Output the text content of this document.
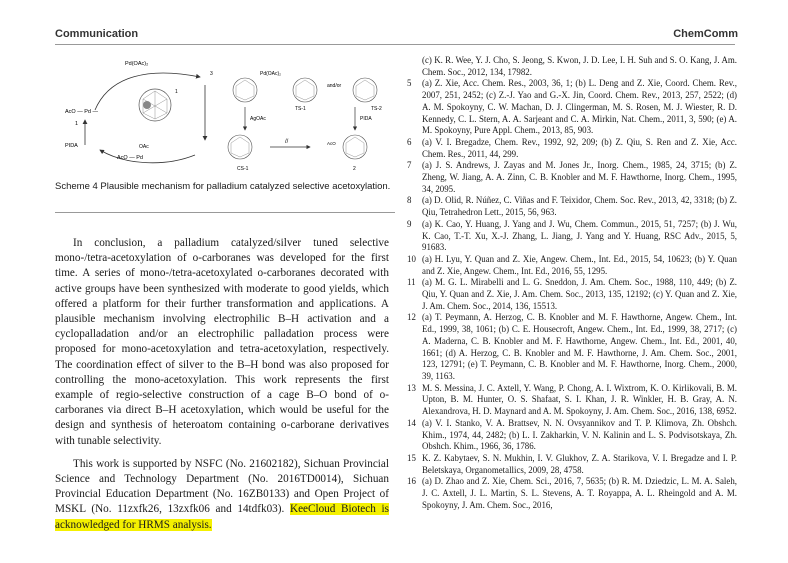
Communication	ChemComm
Pd(OAc)₂
AcO — Pd —
1
PIDA
AcO — Pd
OAc
1
3	Pd(OAc)₂
TS-1
and/or
TS-2
AgOAc	PIDA
CS-1
//	AcO
2
Scheme 4 Plausible mechanism for palladium catalyzed selective acetoxylation.

In conclusion, a palladium catalyzed/silver tuned selective mono-/tetra-acetoxylation of o-carboranes was developed for the first time. A series of mono-/tetra-acetoxylated o-carboranes decorated with active groups have been synthesized with moderate to good yields, which offered a platform for their further transformation and applications. A plausible mechanism involving electrophilic B–H activation and a cyclopalladation and/or an electrophilic palladation process were proposed for mono-acetoxylation and tetra-acetoxylation, respectively. The coordination effect of silver to the B–H bond was also proposed for controlling the mono-acetoxylation. This work represents the first example of regio-selective construction of a cage B–O bond of o-carboranes via direct B–H acetoxylation, which would be useful for the design and synthesis of heteroatom containing o-carborane derivatives with tunable selectivity.

This work is supported by NSFC (No. 21602182), Sichuan Provincial Science and Technology Department (No. 2016TD0014), Sichuan Provincial Education Department (No. 16ZB0133) and Open Project of MSKL (No. 11zxfk26, 13zxfk06 and 14tdfk03). KeeCloud Biotech is acknowledged for HRMS analysis.

(c) K. R. Wee, Y. J. Cho, S. Jeong, S. Kwon, J. D. Lee, I. H. Suh and S. O. Kang, J. Am. Chem. Soc., 2012, 134, 17982.

5 (a) Z. Xie, Acc. Chem. Res., 2003, 36, 1; (b) L. Deng and Z. Xie, Coord. Chem. Rev., 2007, 251, 2452; (c) Z.-J. Yao and G.-X. Jin, Coord. Chem. Rev., 2013, 257, 2522; (d) A. M. Spokoyny, C. W. Machan, D. J. Clingerman, M. S. Rosen, M. J. Wiester, R. D. Kennedy, C. L. Stern, A. A. Sarjeant and C. A. Mirkin, Nat. Chem., 2011, 3, 590; (e) A. M. Spokoyny, Pure Appl. Chem., 2013, 85, 903.

6 (a) V. I. Bregadze, Chem. Rev., 1992, 92, 209; (b) Z. Qiu, S. Ren and Z. Xie, Acc. Chem. Res., 2011, 44, 299.

7 (a) J. S. Andrews, J. Zayas and M. Jones Jr., Inorg. Chem., 1985, 24, 3715; (b) Z. Zheng, W. Jiang, A. A. Zinn, C. B. Knobler and M. F. Hawthorne, Inorg. Chem., 1995, 34, 2095.

8 (a) D. Olid, R. Núñez, C. Viñas and F. Teixidor, Chem. Soc. Rev., 2013, 42, 3318; (b) Z. Qiu, Tetrahedron Lett., 2015, 56, 963.

9 (a) K. Cao, Y. Huang, J. Yang and J. Wu, Chem. Commun., 2015, 51, 7257; (b) J. Wu, K. Cao, T.-T. Xu, X.-J. Zhang, L. Jiang, J. Yang and Y. Huang, RSC Adv., 2015, 5, 91683.

10 (a) H. Lyu, Y. Quan and Z. Xie, Angew. Chem., Int. Ed., 2015, 54, 10623; (b) Y. Quan and Z. Xie, Angew. Chem., Int. Ed., 2016, 55, 1295.

11 (a) M. G. L. Mirabelli and L. G. Sneddon, J. Am. Chem. Soc., 1988, 110, 449; (b) Z. Qiu, Y. Quan and Z. Xie, J. Am. Chem. Soc., 2013, 135, 12192; (c) Y. Quan and Z. Xie, J. Am. Chem. Soc., 2014, 136, 15513.

12 (a) T. Peymann, A. Herzog, C. B. Knobler and M. F. Hawthorne, Angew. Chem., Int. Ed., 1999, 38, 1061; (b) C. E. Housecroft, Angew. Chem., Int. Ed., 1999, 38, 2717; (c) A. Maderna, C. B. Knobler and M. F. Hawthorne, Angew. Chem., Int. Ed., 2001, 40, 1661; (d) A. Herzog, C. B. Knobler and M. F. Hawthorne, J. Am. Chem. Soc., 2001, 123, 12791; (e) T. Peymann, C. B. Knobler and M. F. Hawthorne, Inorg. Chem., 2000, 39, 1163.

13 M. S. Messina, J. C. Axtell, Y. Wang, P. Chong, A. I. Wixtrom, K. O. Kirlikovali, B. M. Upton, B. M. Hunter, O. S. Shafaat, S. I. Khan, J. R. Winkler, H. B. Gray, A. N. Alexandrova, H. D. Maynard and A. M. Spokoyny, J. Am. Chem. Soc., 2016, 138, 6952.

14 (a) V. I. Stanko, V. A. Brattsev, N. N. Ovsyannikov and T. P. Klimova, Zh. Obshch. Khim., 1974, 44, 2482; (b) L. I. Zakharkin, V. N. Kalinin and L. S. Podvisotskaya, Zh. Obshch. Khim., 1966, 36, 1786.

15 K. Z. Kabytaev, S. N. Mukhin, I. V. Glukhov, Z. A. Starikova, V. I. Bregadze and I. P. Beletskaya, Organometallics, 2009, 28, 4758.

16 (a) D. Zhao and Z. Xie, Chem. Sci., 2016, 7, 5635; (b) R. M. Dziedzic, L. M. A. Saleh, J. C. Axtell, J. L. Martin, S. L. Stevens, A. T. Royappa, A. L. Rheingold and A. M. Spokoyny, J. Am. Chem. Soc., 2016,
